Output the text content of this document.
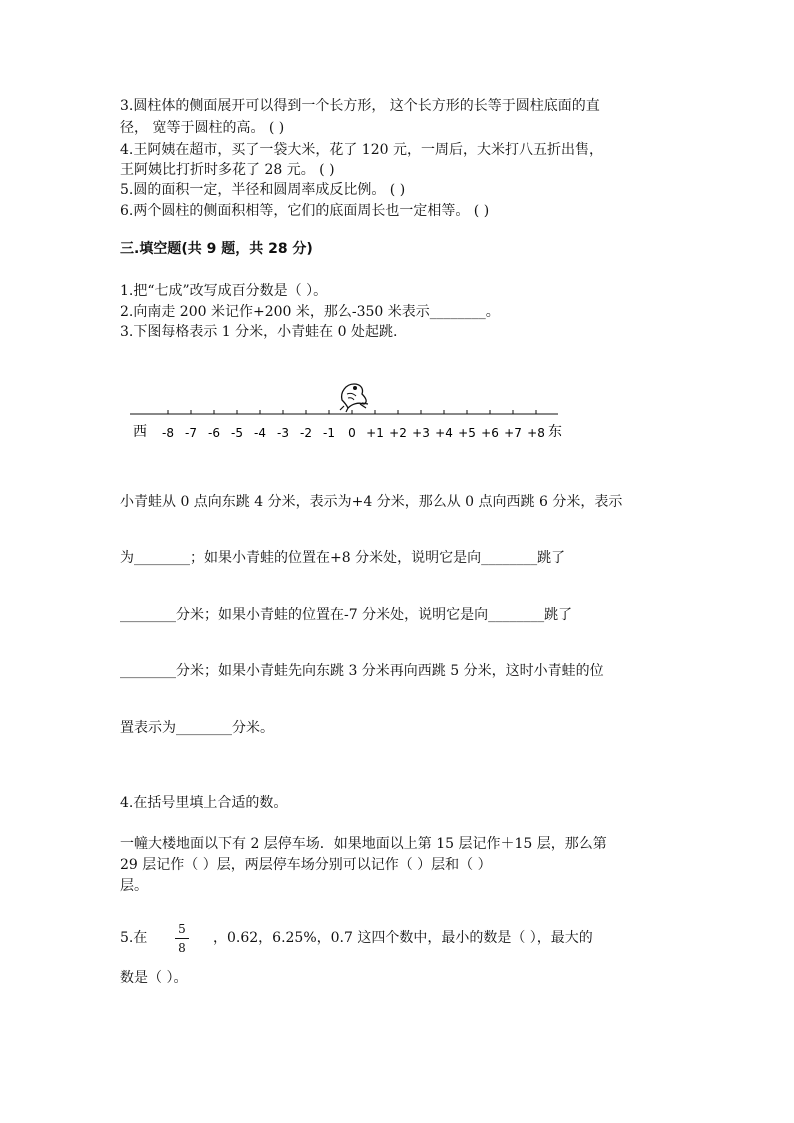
3.圆柱体的侧面展开可以得到一个长方形， 这个长方形的长等于圆柱底面的直
径， 宽等于圆柱的高。 ( )
4.王阿姨在超市，买了一袋大米，花了 120 元，一周后，大米打八五折出售，
王阿姨比打折时多花了 28 元。 ( )
5.圆的面积一定，半径和圆周率成反比例。 ( )
6.两个圆柱的侧面积相等，它们的底面周长也一定相等。 ( )
三.填空题(共 9 题，共 28 分)
1.把“七成”改写成百分数是（ ）。
2.向南走 200 米记作+200 米，那么-350 米表示________。
3.下图每格表示 1 分米，小青蛙在 0 处起跳.
-8 -7 -6 -5 -4 -3 -2 -1 0 +1 +2 +3 +4 +5 +6 +7 +8
西	东
小青蛙从 0 点向东跳 4 分米，表示为+4 分米，那么从 0 点向西跳 6 分米，表示
为________；如果小青蛙的位置在+8 分米处，说明它是向________跳了
________分米；如果小青蛙的位置在-7 分米处，说明它是向________跳了
________分米；如果小青蛙先向东跳 3 分米再向西跳 5 分米，这时小青蛙的位
置表示为________分米。
4.在括号里填上合适的数。
一幢大楼地面以下有 2 层停车场．如果地面以上第 15 层记作＋15 层，那么第
29 层记作（ ）层，两层停车场分别可以记作（ ）层和（ ）
层。
5.在
5
8
，0.62，6.25%，0.7 这四个数中，最小的数是（ ），最大的
数是（ ）。
